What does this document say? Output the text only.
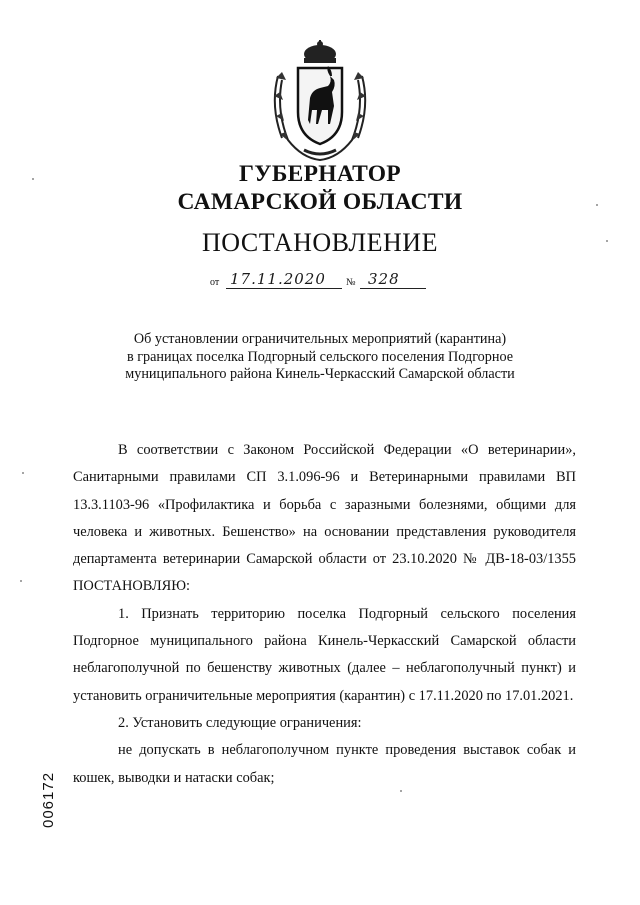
ГУБЕРНАТОР
САМАРСКОЙ ОБЛАСТИ
ПОСТАНОВЛЕНИЕ
от 17.11.2020 № 328
Об установлении ограничительных мероприятий (карантина)
в границах поселка Подгорный сельского поселения Подгорное
муниципального района Кинель-Черкасский Самарской области
В соответствии с Законом Российской Федерации «О ветеринарии», Санитарными правилами СП 3.1.096-96 и Ветеринарными правилами ВП 13.3.1103-96 «Профилактика и борьба с заразными болезнями, общими для человека и животных. Бешенство» на основании представления руководителя департамента ветеринарии Самарской области от 23.10.2020 № ДВ-18-03/1355 ПОСТАНОВЛЯЮ:
1. Признать территорию поселка Подгорный сельского поселения Подгорное муниципального района Кинель-Черкасский Самарской области неблагополучной по бешенству животных (далее – неблагополучный пункт) и установить ограничительные мероприятия (карантин) с 17.11.2020 по 17.01.2021.
2. Установить следующие ограничения:
не допускать в неблагополучном пункте проведения выставок собак и кошек, выводки и натаски собак;
006172
